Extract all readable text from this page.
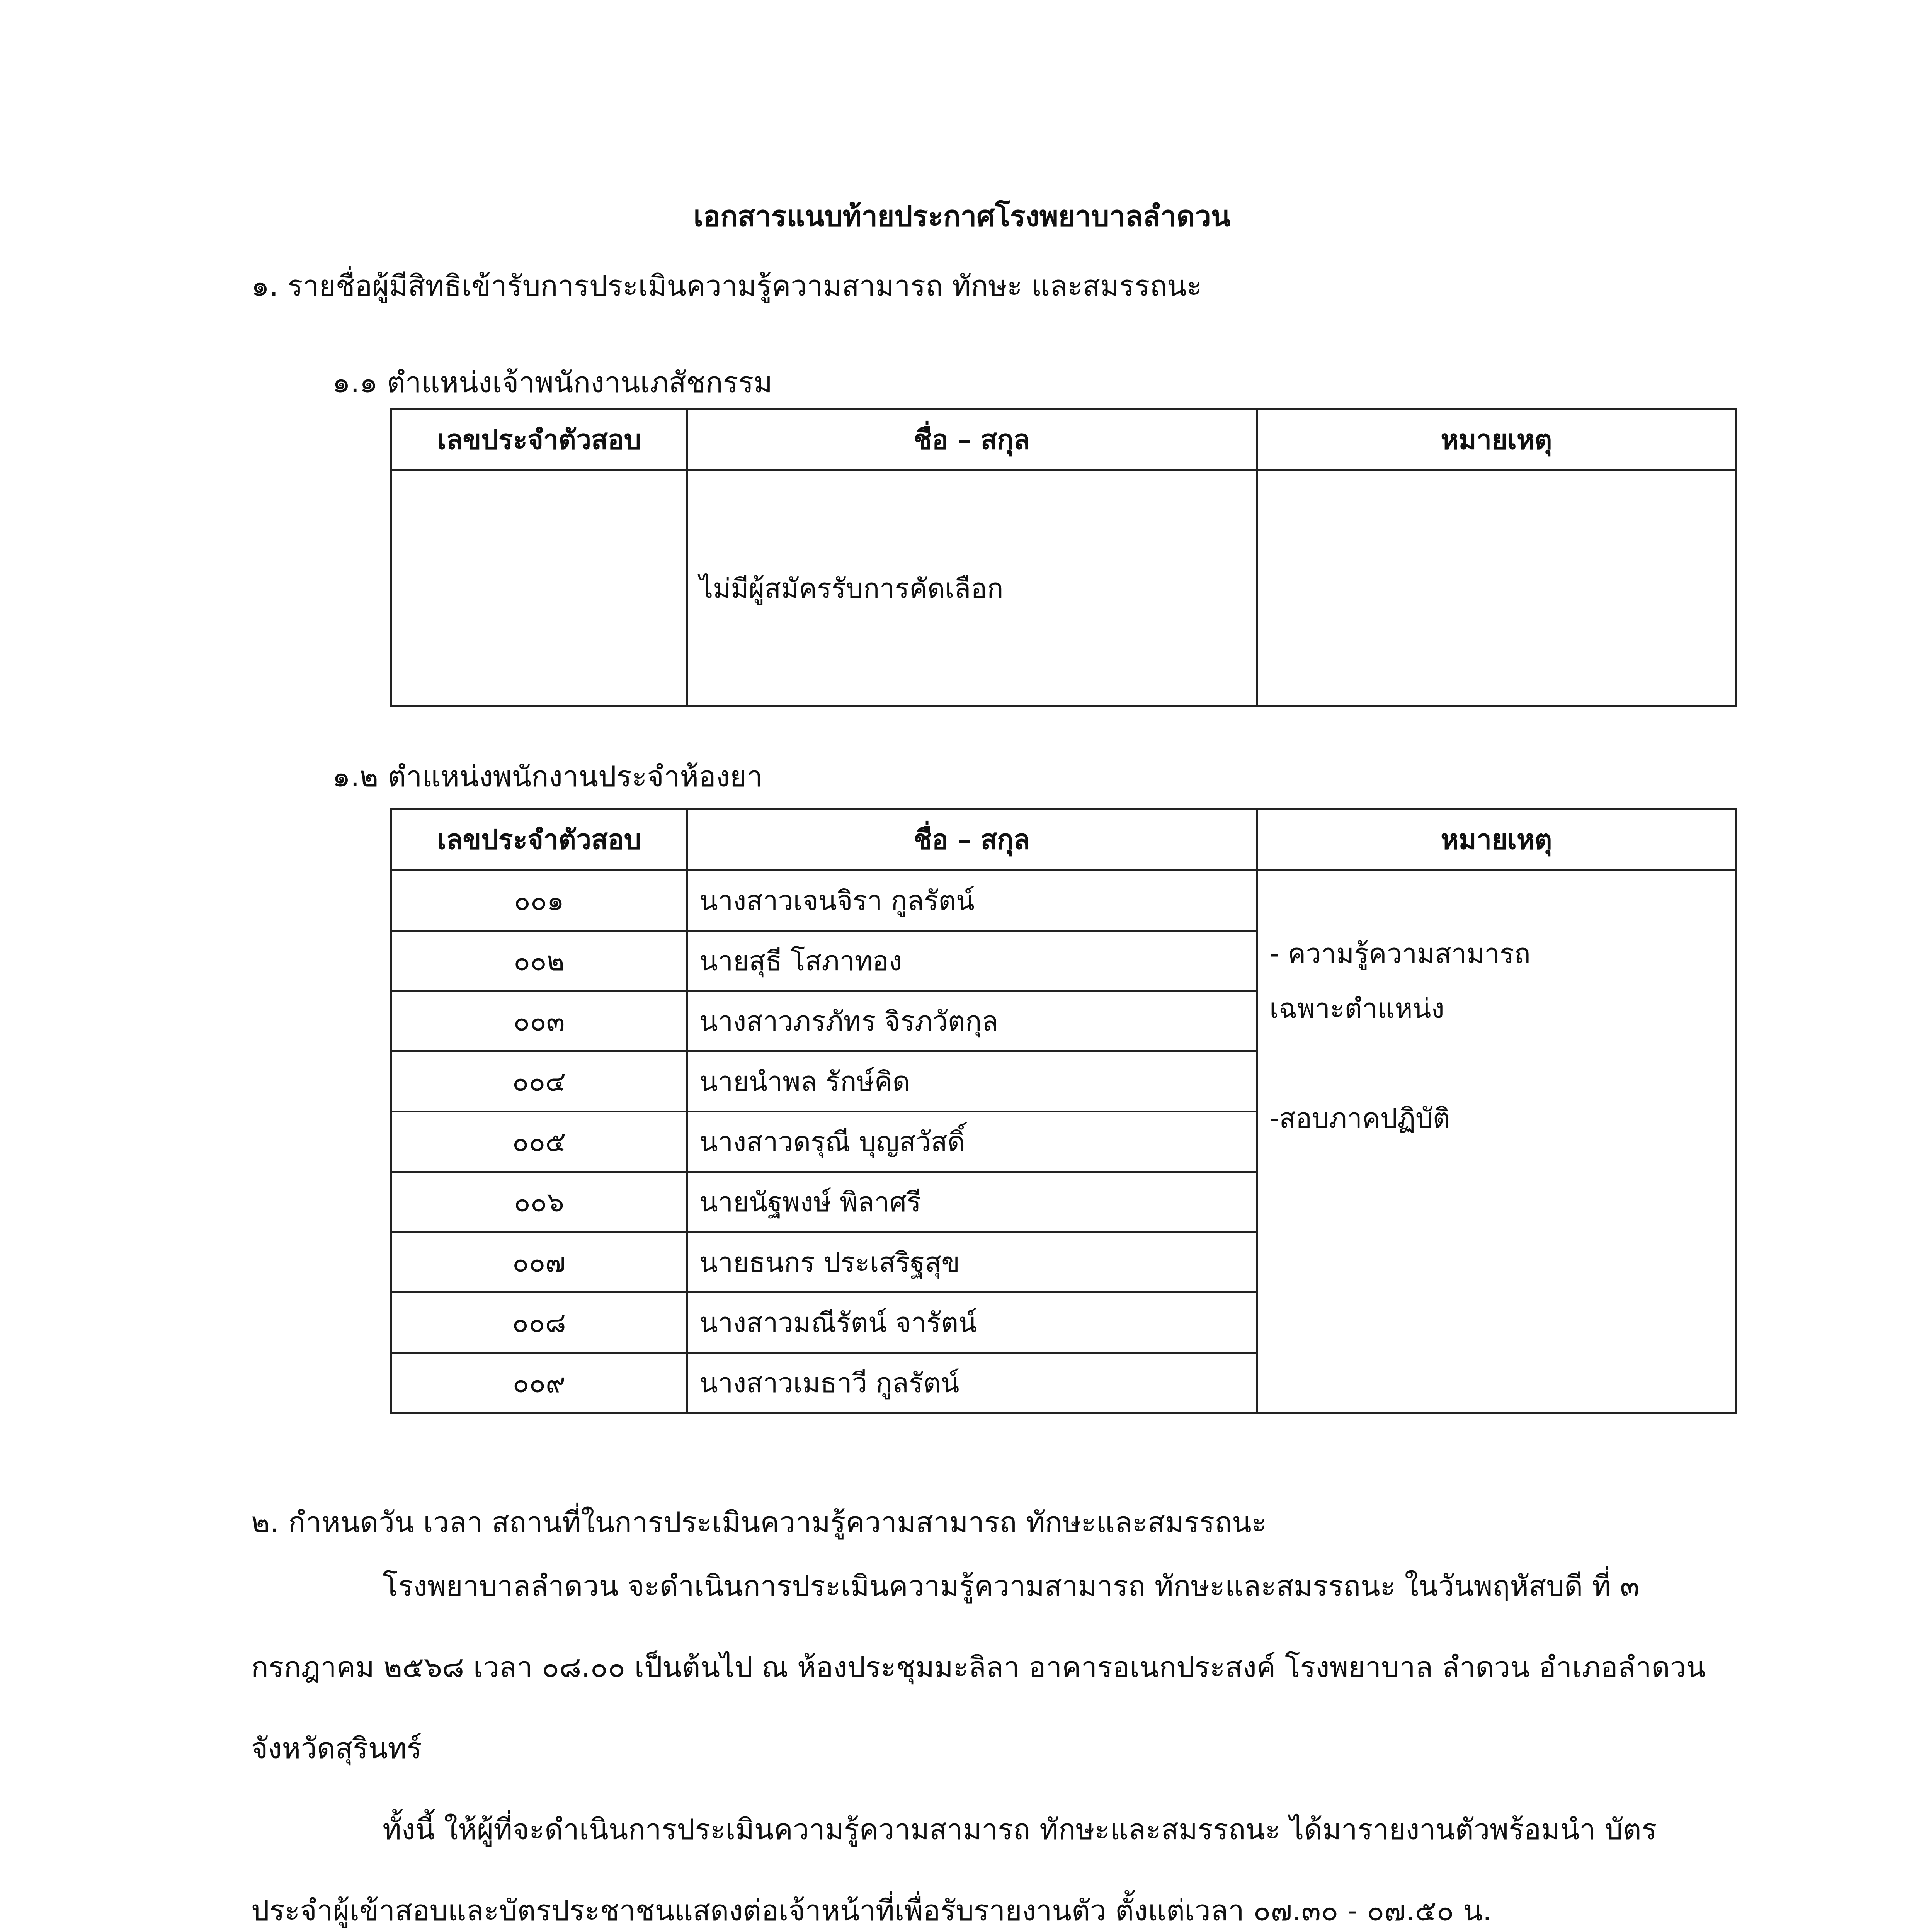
เอกสารแนบท้ายประกาศโรงพยาบาลลำดวน
๑. รายชื่อผู้มีสิทธิเข้ารับการประเมินความรู้ความสามารถ ทักษะ และสมรรถนะ
๑.๑ ตำแหน่งเจ้าพนักงานเภสัชกรรม
เลขประจำตัวสอบ	ชื่อ – สกุล	หมายเหตุ
	ไม่มีผู้สมัครรับการคัดเลือก	
๑.๒ ตำแหน่งพนักงานประจำห้องยา
เลขประจำตัวสอบ	ชื่อ – สกุล	หมายเหตุ
๐๐๑	นางสาวเจนจิรา กูลรัตน์	- ความรู้ความสามารถ
เฉพาะตำแหน่ง
-สอบภาคปฏิบัติ

๐๐๒	นายสุธี โสภาทอง	
๐๐๓	นางสาวภรภัทร จิรภวัตกุล	
๐๐๔	นายนำพล รักษ์คิด	
๐๐๕	นางสาวดรุณี บุญสวัสดิ์	
๐๐๖	นายนัฐพงษ์ พิลาศรี	
๐๐๗	นายธนกร ประเสริฐสุข	
๐๐๘	นางสาวมณีรัตน์ จารัตน์	
๐๐๙	นางสาวเมธาวี กูลรัตน์	
๒. กำหนดวัน เวลา สถานที่ในการประเมินความรู้ความสามารถ ทักษะและสมรรถนะ
โรงพยาบาลลำดวน จะดำเนินการประเมินความรู้ความสามารถ ทักษะและสมรรถนะ ในวันพฤหัสบดี ที่ ๓ กรกฎาคม ๒๕๖๘ เวลา ๐๘.๐๐ เป็นต้นไป ณ ห้องประชุมมะลิลา อาคารอเนกประสงค์ โรงพยาบาล ลำดวน อำเภอลำดวน จังหวัดสุรินทร์
ทั้งนี้ ให้ผู้ที่จะดำเนินการประเมินความรู้ความสามารถ ทักษะและสมรรถนะ ได้มารายงานตัวพร้อมนำ บัตรประจำผู้เข้าสอบและบัตรประชาชนแสดงต่อเจ้าหน้าที่เพื่อรับรายงานตัว ตั้งแต่เวลา ๐๗.๓๐ - ๐๗.๕๐ น.
